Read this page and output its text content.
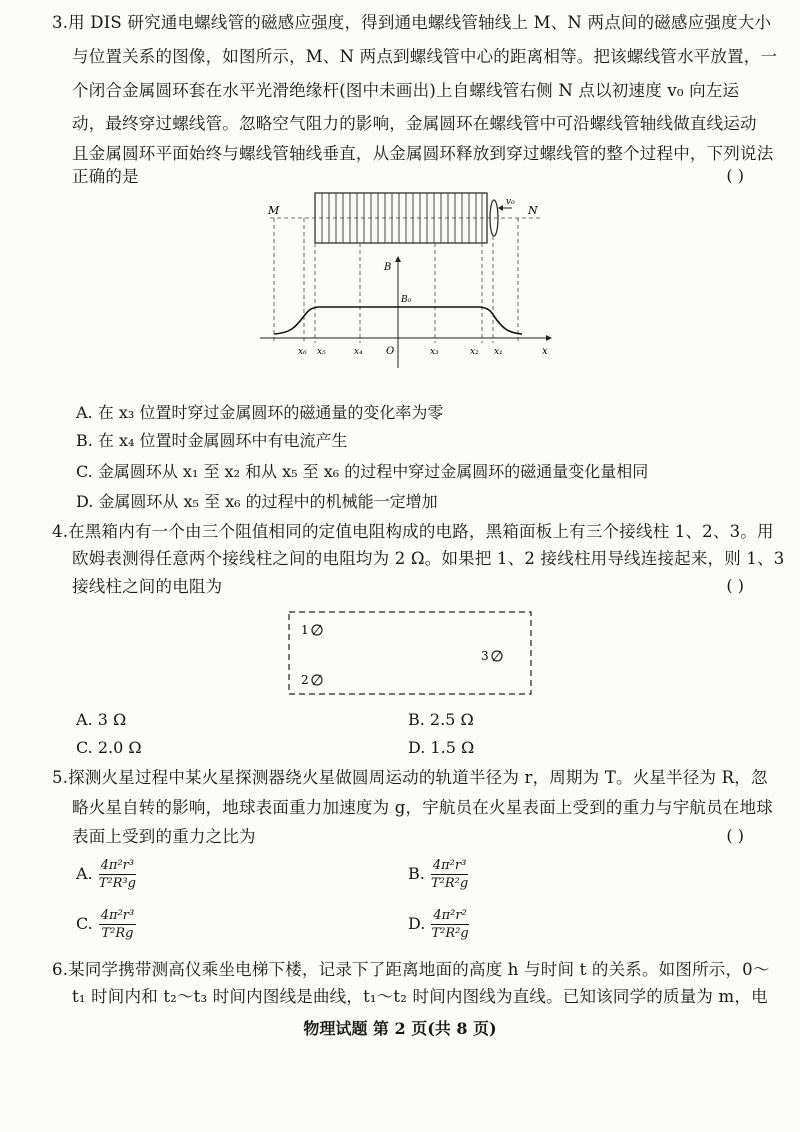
3.用 DIS 研究通电螺线管的磁感应强度，得到通电螺线管轴线上 M、N 两点间的磁感应强度大小
与位置关系的图像，如图所示，M、N 两点到螺线管中心的距离相等。把该螺线管水平放置，一
个闭合金属圆环套在水平光滑绝缘杆(图中未画出)上自螺线管右侧 N 点以初速度 v₀ 向左运
动，最终穿过螺线管。忽略空气阻力的影响，金属圆环在螺线管中可沿螺线管轴线做直线运动
且金属圆环平面始终与螺线管轴线垂直，从金属圆环释放到穿过螺线管的整个过程中，下列说法
正确的是	( )
v₀
M	N
x
B
B₀
O
x₆ x₅	x₄	x₃	x₂ x₁
A. 在 x₃ 位置时穿过金属圆环的磁通量的变化率为零
B. 在 x₄ 位置时金属圆环中有电流产生
C. 金属圆环从 x₁ 至 x₂ 和从 x₅ 至 x₆ 的过程中穿过金属圆环的磁通量变化量相同
D. 金属圆环从 x₅ 至 x₆ 的过程中的机械能一定增加
4.在黑箱内有一个由三个阻值相同的定值电阻构成的电路，黑箱面板上有三个接线柱 1、2、3。用
欧姆表测得任意两个接线柱之间的电阻均为 2 Ω。如果把 1、2 接线柱用导线连接起来，则 1、3
接线柱之间的电阻为	( )
1
2
3
A. 3 Ω	B. 2.5 Ω
C. 2.0 Ω	D. 1.5 Ω
5.探测火星过程中某火星探测器绕火星做圆周运动的轨道半径为 r，周期为 T。火星半径为 R，忽
略火星自转的影响，地球表面重力加速度为 g，宇航员在火星表面上受到的重力与宇航员在地球
表面上受到的重力之比为	( )
A. $\frac{\text{4π²r³}}{\text{T²R³g}}$	B. $\frac{\text{4π²r³}}{\text{T²R²g}}$
C. $\frac{\text{4π²r³}}{\text{T²Rg}}$	D. $\frac{\text{4π²r²}}{\text{T²R²g}}$
6.某同学携带测高仪乘坐电梯下楼，记录下了距离地面的高度 h 与时间 t 的关系。如图所示，0～
t₁ 时间内和 t₂～t₃ 时间内图线是曲线，t₁～t₂ 时间内图线为直线。已知该同学的质量为 m，电
物理试题 第 2 页(共 8 页)
